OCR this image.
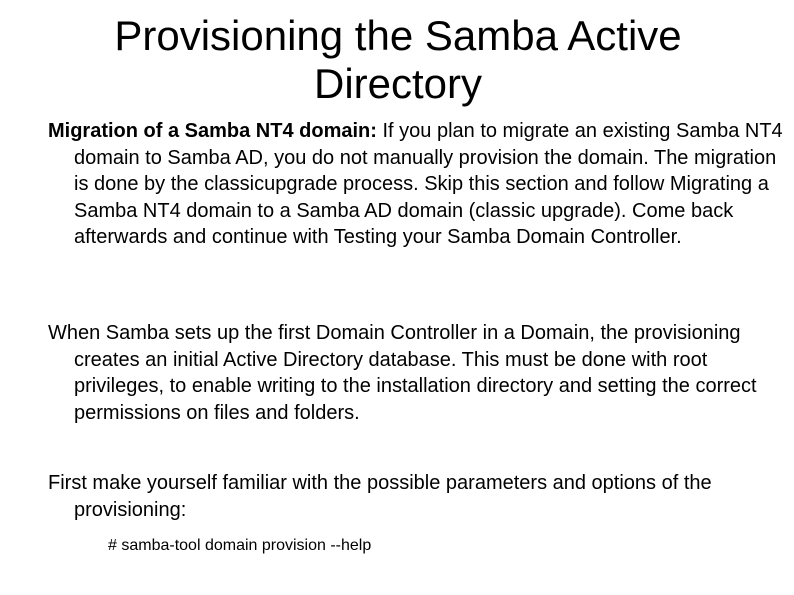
Provisioning the Samba Active Directory

Migration of a Samba NT4 domain: If you plan to migrate an existing Samba NT4 domain to Samba AD, you do not manually provision the domain. The migration is done by the classicupgrade process. Skip this section and follow Migrating a Samba NT4 domain to a Samba AD domain (classic upgrade). Come back afterwards and continue with Testing your Samba Domain Controller.

When Samba sets up the first Domain Controller in a Domain, the provisioning creates an initial Active Directory database. This must be done with root privileges, to enable writing to the installation directory and setting the correct permissions on files and folders.

First make yourself familiar with the possible parameters and options of the provisioning:

# samba-tool domain provision --help
